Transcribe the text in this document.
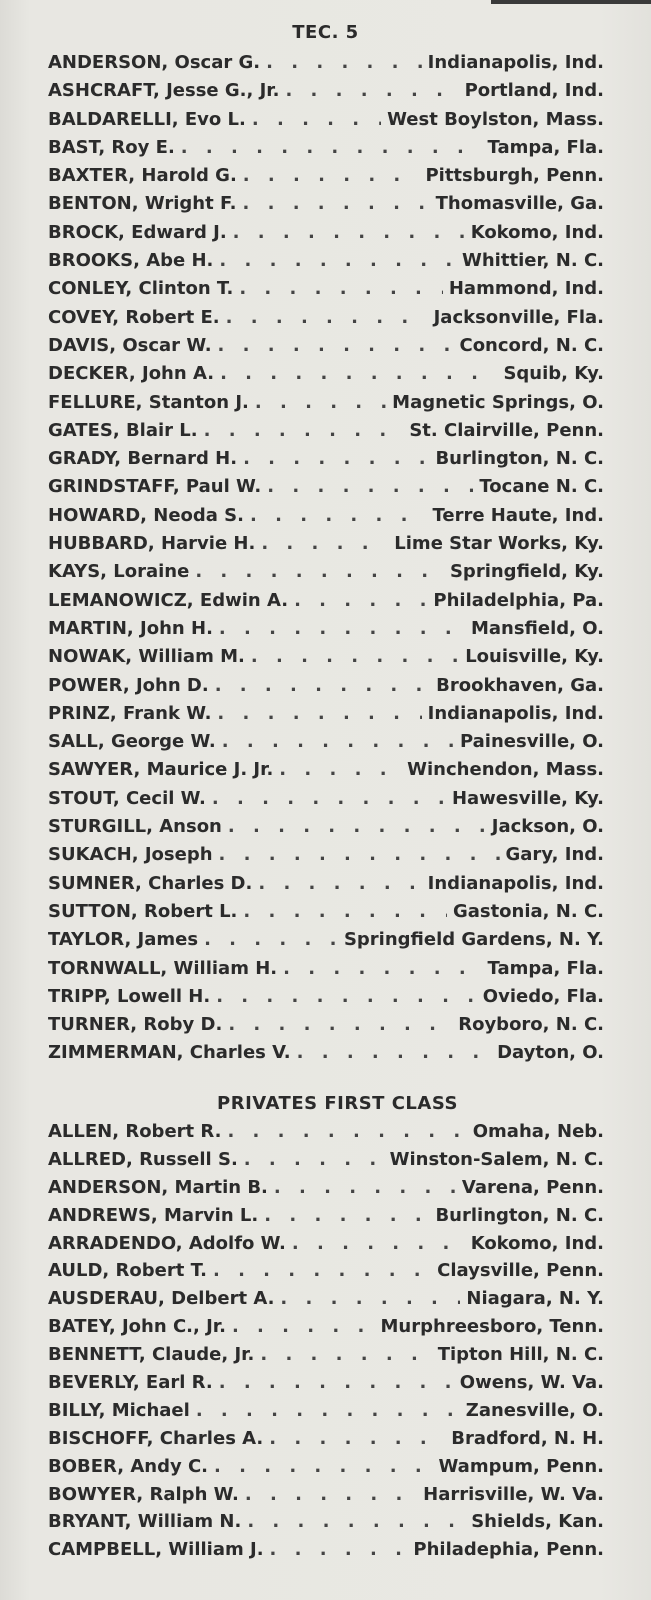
TEC. 5
ANDERSON, Oscar G. . . .	Indianapolis, Ind.
ASHCRAFT, Jesse G., Jr. . . .	Portland, Ind.
BALDARELLI, Evo L. . . .	West Boylston, Mass.
BAST, Roy E. . . .	Tampa, Fla.
BAXTER, Harold G. . . .	Pittsburgh, Penn.
BENTON, Wright F. . . .	Thomasville, Ga.
BROCK, Edward J. . . .	Kokomo, Ind.
BROOKS, Abe H. . . .	Whittier, N. C.
CONLEY, Clinton T. . . .	Hammond, Ind.
COVEY, Robert E. . . .	Jacksonville, Fla.
DAVIS, Oscar W. . . .	Concord, N. C.
DECKER, John A. . . .	Squib, Ky.
FELLURE, Stanton J. . . .	Magnetic Springs, O.
GATES, Blair L. . . .	St. Clairville, Penn.
GRADY, Bernard H. . . .	Burlington, N. C.
GRINDSTAFF, Paul W. . . .	Tocane N. C.
HOWARD, Neoda S. . . .	Terre Haute, Ind.
HUBBARD, Harvie H. . . .	Lime Star Works, Ky.
KAYS, Loraine . . .	Springfield, Ky.
LEMANOWICZ, Edwin A. . . .	Philadelphia, Pa.
MARTIN, John H. . . .	Mansfield, O.
NOWAK, William M. . . .	Louisville, Ky.
POWER, John D. . . .	Brookhaven, Ga.
PRINZ, Frank W. . . .	Indianapolis, Ind.
SALL, George W. . . .	Painesville, O.
SAWYER, Maurice J. Jr. . . .	Winchendon, Mass.
STOUT, Cecil W. . . .	Hawesville, Ky.
STURGILL, Anson . . .	Jackson, O.
SUKACH, Joseph . . .	Gary, Ind.
SUMNER, Charles D. . . .	Indianapolis, Ind.
SUTTON, Robert L. . . .	Gastonia, N. C.
TAYLOR, James . . .	Springfield Gardens, N. Y.
TORNWALL, William H. . . .	Tampa, Fla.
TRIPP, Lowell H. . . .	Oviedo, Fla.
TURNER, Roby D. . . .	Royboro, N. C.
ZIMMERMAN, Charles V. . . .	Dayton, O.
PRIVATES FIRST CLASS
ALLEN, Robert R. . . .	Omaha, Neb.
ALLRED, Russell S. . . .	Winston-Salem, N. C.
ANDERSON, Martin B. . . .	Varena, Penn.
ANDREWS, Marvin L. . . .	Burlington, N. C.
ARRADENDO, Adolfo W. . . .	Kokomo, Ind.
AULD, Robert T. . . .	Claysville, Penn.
AUSDERAU, Delbert A. . . .	Niagara, N. Y.
BATEY, John C., Jr. . . .	Murphreesboro, Tenn.
BENNETT, Claude, Jr. . . .	Tipton Hill, N. C.
BEVERLY, Earl R. . . .	Owens, W. Va.
BILLY, Michael . . .	Zanesville, O.
BISCHOFF, Charles A. . . .	Bradford, N. H.
BOBER, Andy C. . . .	Wampum, Penn.
BOWYER, Ralph W. . . .	Harrisville, W. Va.
BRYANT, William N. . . .	Shields, Kan.
CAMPBELL, William J. . . .	Philadephia, Penn.
